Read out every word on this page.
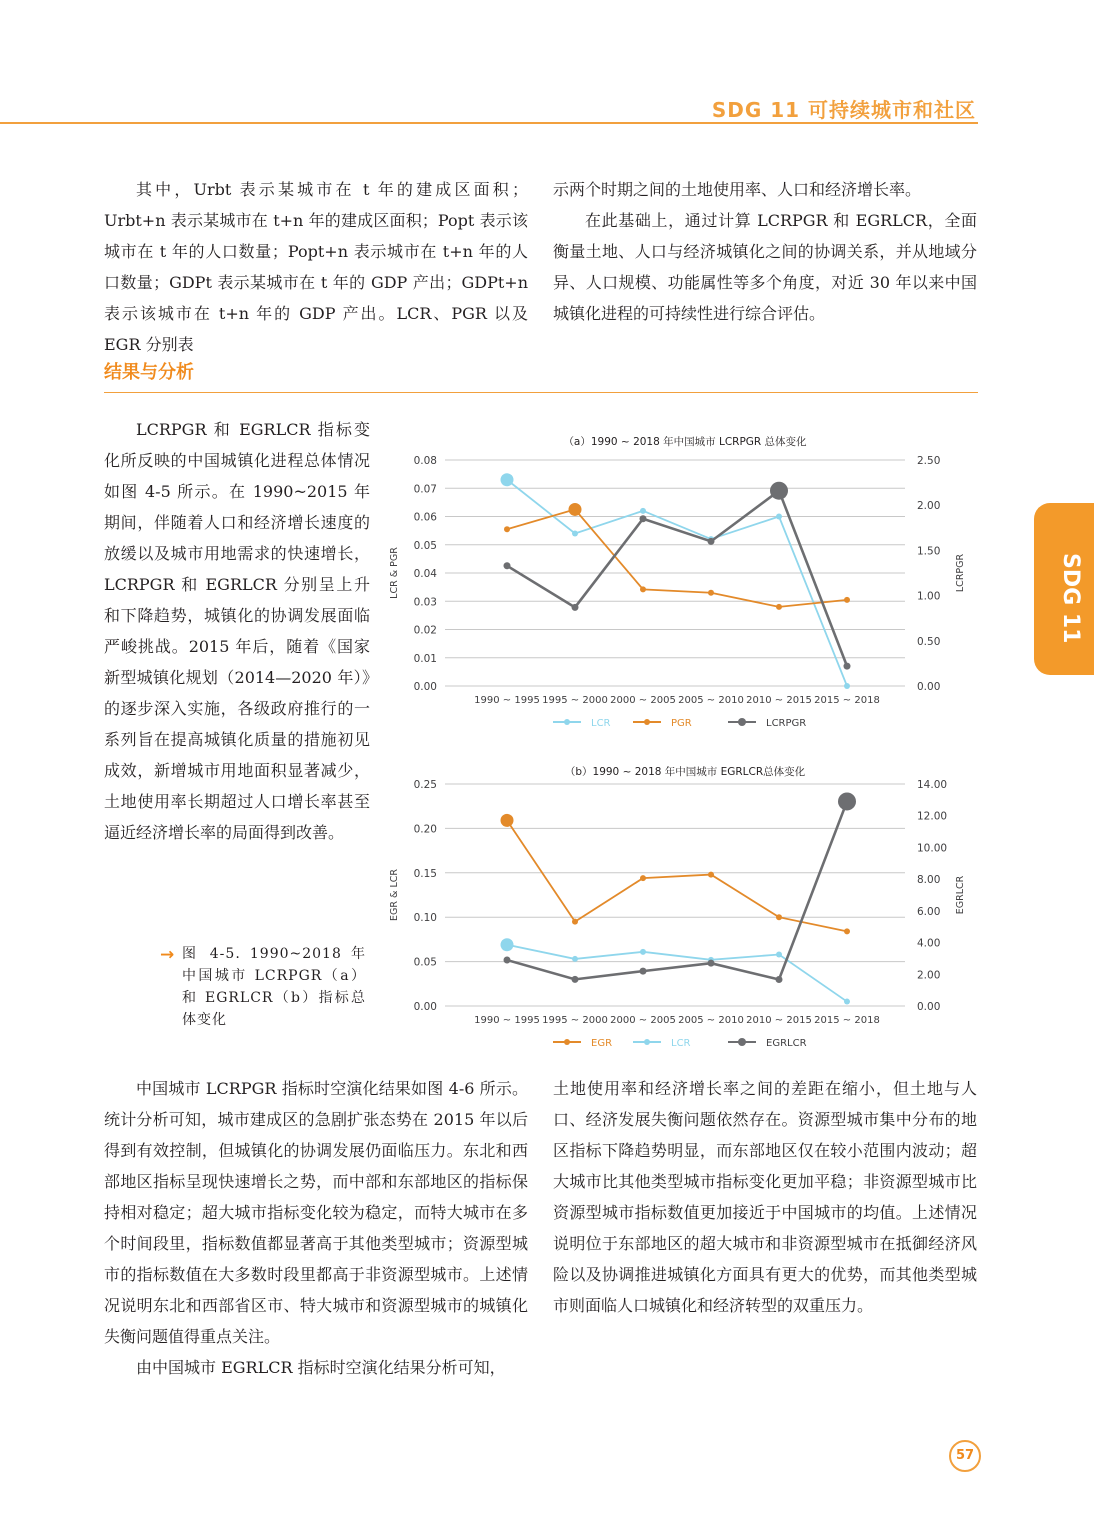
SDG 11 可持续城市和社区
SDG 11

其中，Urbt 表示某城市在 t 年的建成区面积；Urbt+n 表示某城市在 t+n 年的建成区面积；Popt 表示该城市在 t 年的人口数量；Popt+n 表示城市在 t+n 年的人口数量；GDPt 表示某城市在 t 年的 GDP 产出；GDPt+n 表示该城市在 t+n 年的 GDP 产出。LCR、PGR 以及 EGR 分别表

示两个时期之间的土地使用率、人口和经济增长率。

在此基础上，通过计算 LCRPGR 和 EGRLCR，全面衡量土地、人口与经济城镇化之间的协调关系，并从地域分异、人口规模、功能属性等多个角度，对近 30 年以来中国城镇化进程的可持续性进行综合评估。

结果与分析

LCRPGR 和 EGRLCR 指标变化所反映的中国城镇化进程总体情况如图 4-5 所示。在 1990~2015 年期间，伴随着人口和经济增长速度的放缓以及城市用地需求的快速增长，LCRPGR 和 EGRLCR 分别呈上升和下降趋势，城镇化的协调发展面临严峻挑战。2015 年后，随着《国家新型城镇化规划（2014—2020 年）》的逐步深入实施，各级政府推行的一系列旨在提高城镇化质量的措施初见成效，新增城市用地面积显著减少，土地使用率长期超过人口增长率甚至逼近经济增长率的局面得到改善。

→ 图 4-5. 1990~2018 年 中国城市 LCRPGR（a）和 EGRLCR（b）指标总体变化
（a）1990 ~ 2018 年中国城市 LCRPGR 总体变化
0.00
0.01
0.02
0.03
0.04
0.05
0.06
0.07
0.08
0.00
0.50
1.00
1.50
2.00
2.50
LCR & PGR	LCRPGR
1990 ~ 1995 1995 ~ 2000 2000 ~ 2005 2005 ~ 2010 2010 ~ 2015 2015 ~ 2018
LCR	PGR	LCRPGR
（b）1990 ~ 2018 年中国城市 EGRLCR总体变化
0.00
0.05
0.10
0.15
0.20
0.25
0.00
2.00
4.00
6.00
8.00
10.00
12.00
14.00
EGR & LCR	EGRLCR
1990 ~ 1995 1995 ~ 2000 2000 ~ 2005 2005 ~ 2010 2010 ~ 2015 2015 ~ 2018
EGR	LCR	EGRLCR

中国城市 LCRPGR 指标时空演化结果如图 4-6 所示。统计分析可知，城市建成区的急剧扩张态势在 2015 年以后得到有效控制，但城镇化的协调发展仍面临压力。东北和西部地区指标呈现快速增长之势，而中部和东部地区的指标保持相对稳定；超大城市指标变化较为稳定，而特大城市在多个时间段里，指标数值都显著高于其他类型城市；资源型城市的指标数值在大多数时段里都高于非资源型城市。上述情况说明东北和西部省区市、特大城市和资源型城市的城镇化失衡问题值得重点关注。

由中国城市 EGRLCR 指标时空演化结果分析可知，

土地使用率和经济增长率之间的差距在缩小，但土地与人口、经济发展失衡问题依然存在。资源型城市集中分布的地区指标下降趋势明显，而东部地区仅在较小范围内波动；超大城市比其他类型城市指标变化更加平稳；非资源型城市比资源型城市指标数值更加接近于中国城市的均值。上述情况说明位于东部地区的超大城市和非资源型城市在抵御经济风险以及协调推进城镇化方面具有更大的优势，而其他类型城市则面临人口城镇化和经济转型的双重压力。

57
